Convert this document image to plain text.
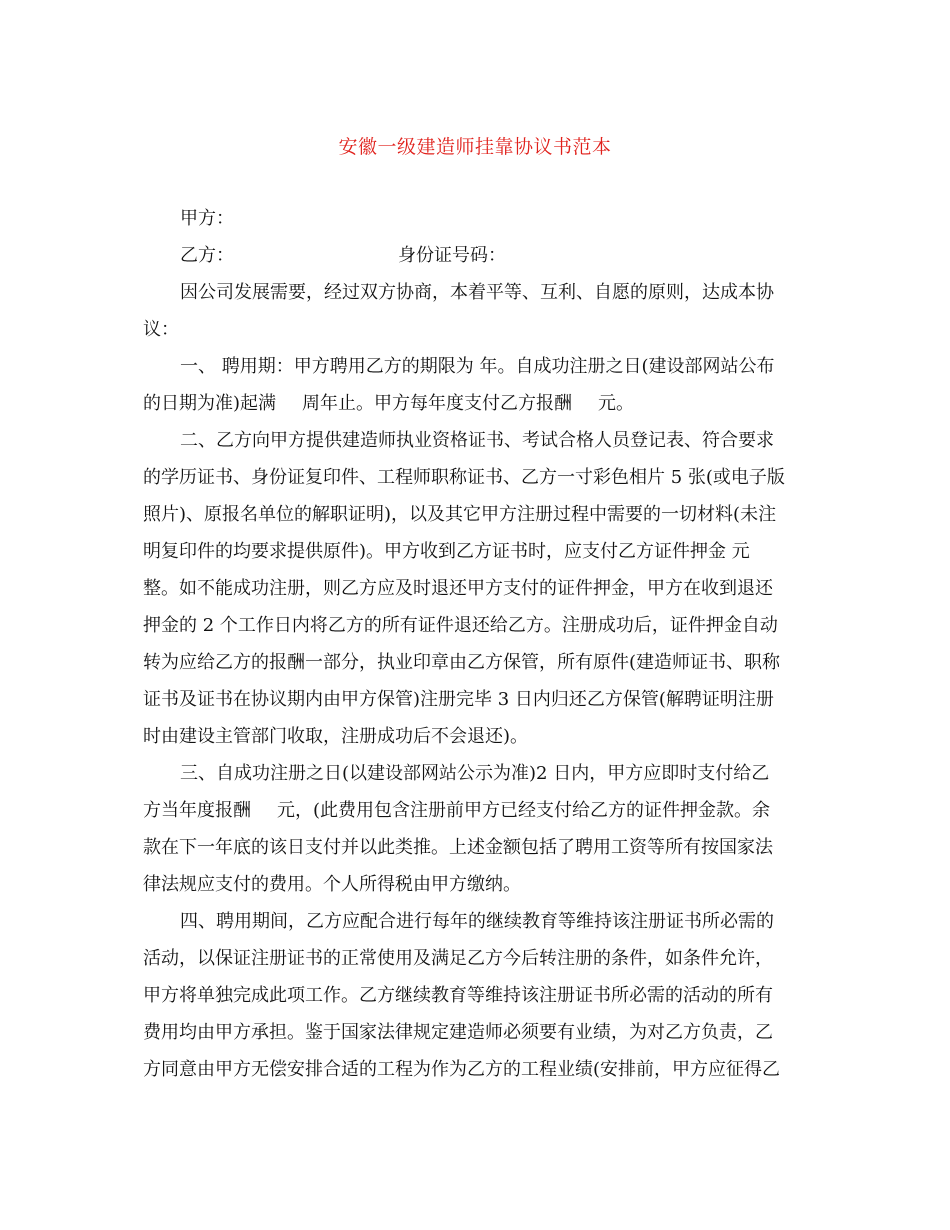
安徽一级建造师挂靠协议书范本
甲方：
乙方：	身份证号码：
因公司发展需要，经过双方协商，本着平等、互利、自愿的原则，达成本协
议：
一、 聘用期：甲方聘用乙方的期限为 年。自成功注册之日(建设部网站公布
的日期为准)起满 周年止。甲方每年度支付乙方报酬 元。
二、乙方向甲方提供建造师执业资格证书、考试合格人员登记表、符合要求
的学历证书、身份证复印件、工程师职称证书、乙方一寸彩色相片 5 张(或电子版
照片)、原报名单位的解职证明)，以及其它甲方注册过程中需要的一切材料(未注
明复印件的均要求提供原件)。甲方收到乙方证书时，应支付乙方证件押金 元
整。如不能成功注册，则乙方应及时退还甲方支付的证件押金，甲方在收到退还
押金的 2 个工作日内将乙方的所有证件退还给乙方。注册成功后，证件押金自动
转为应给乙方的报酬一部分，执业印章由乙方保管，所有原件(建造师证书、职称
证书及证书在协议期内由甲方保管)注册完毕 3 日内归还乙方保管(解聘证明注册
时由建设主管部门收取，注册成功后不会退还)。
三、自成功注册之日(以建设部网站公示为准)2 日内，甲方应即时支付给乙
方当年度报酬 元，(此费用包含注册前甲方已经支付给乙方的证件押金款。余
款在下一年底的该日支付并以此类推。上述金额包括了聘用工资等所有按国家法
律法规应支付的费用。个人所得税由甲方缴纳。
四、聘用期间，乙方应配合进行每年的继续教育等维持该注册证书所必需的
活动，以保证注册证书的正常使用及满足乙方今后转注册的条件，如条件允许，
甲方将单独完成此项工作。乙方继续教育等维持该注册证书所必需的活动的所有
费用均由甲方承担。鉴于国家法律规定建造师必须要有业绩，为对乙方负责，乙
方同意由甲方无偿安排合适的工程为作为乙方的工程业绩(安排前，甲方应征得乙
